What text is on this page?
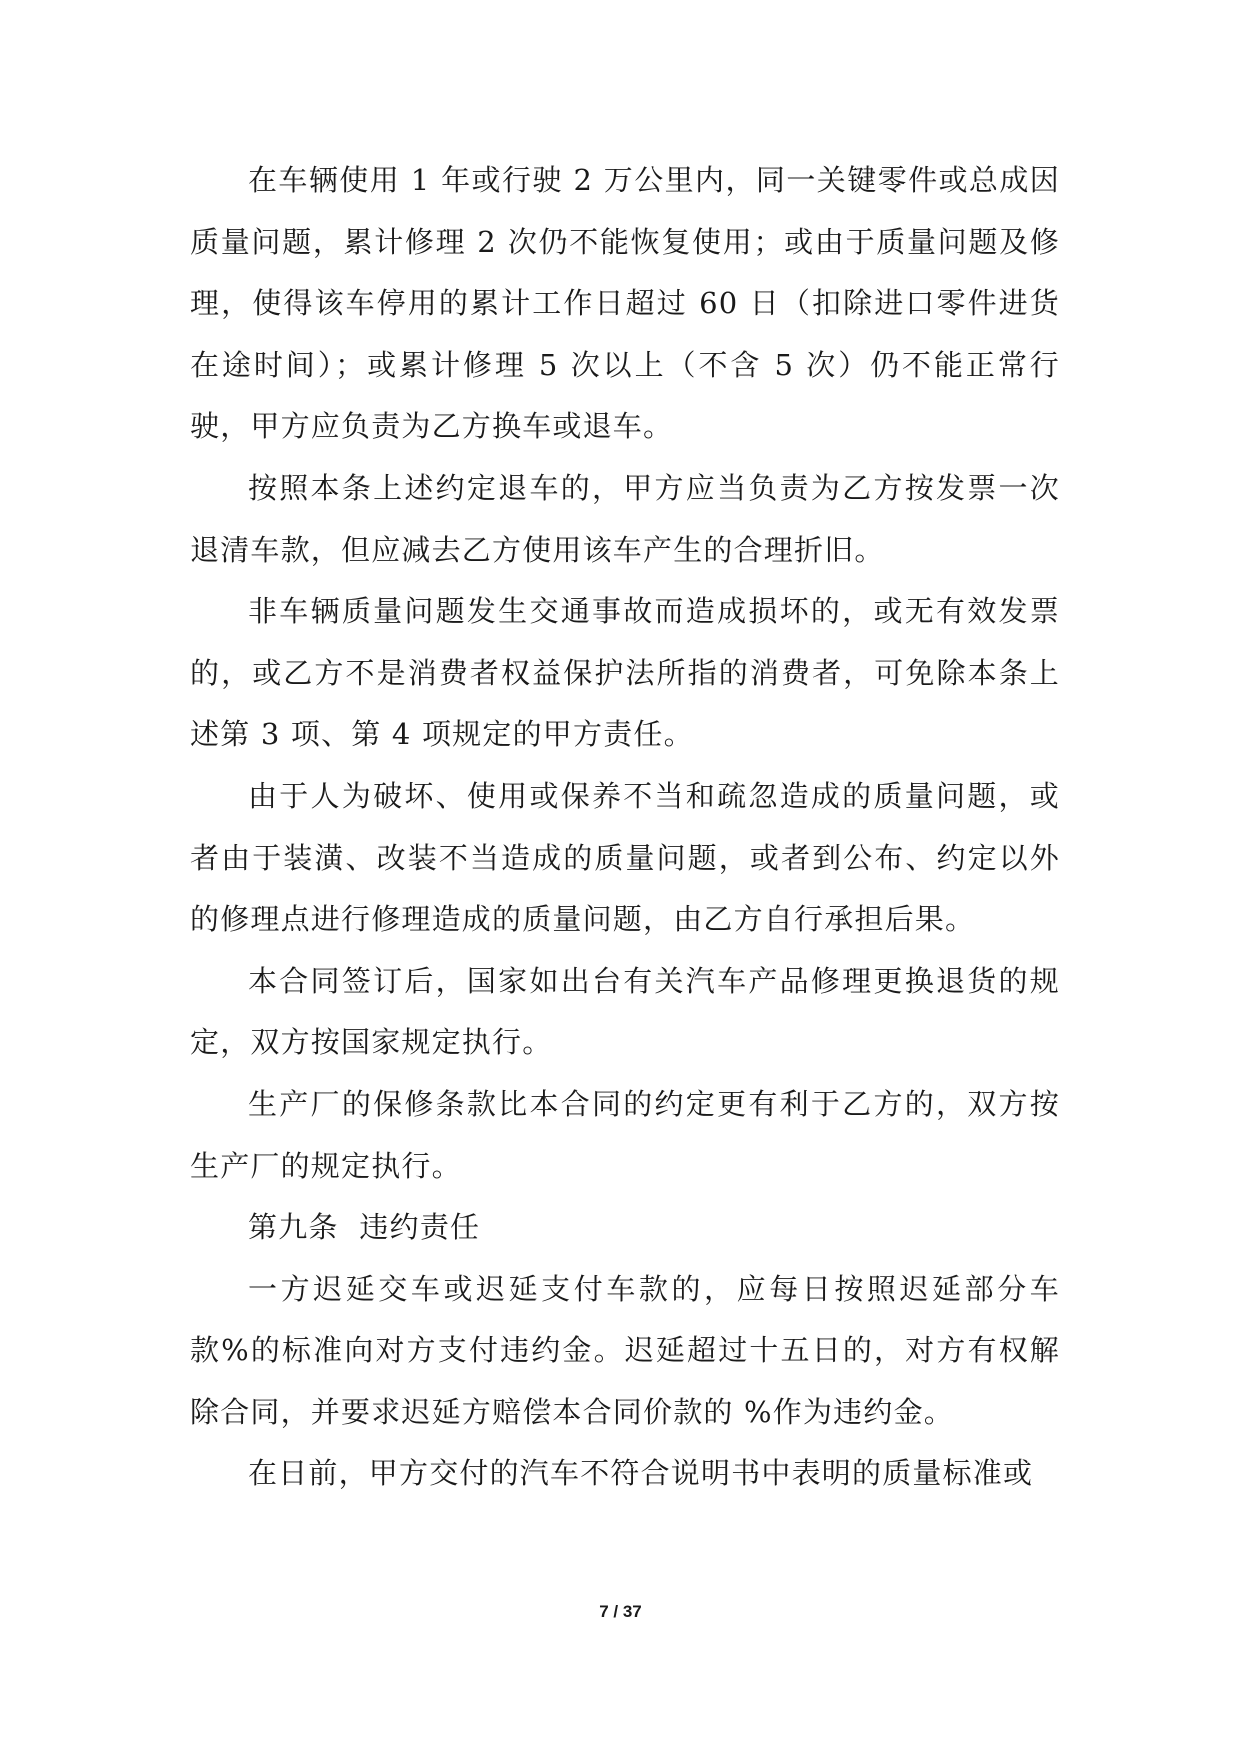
在车辆使用 1 年或行驶 2 万公里内，同一关键零件或总成因质量问题，累计修理 2 次仍不能恢复使用；或由于质量问题及修理，使得该车停用的累计工作日超过 60 日（扣除进口零件进货在途时间）；或累计修理 5 次以上（不含 5 次）仍不能正常行驶，甲方应负责为乙方换车或退车。

按照本条上述约定退车的，甲方应当负责为乙方按发票一次退清车款，但应减去乙方使用该车产生的合理折旧。

非车辆质量问题发生交通事故而造成损坏的，或无有效发票的，或乙方不是消费者权益保护法所指的消费者，可免除本条上述第 3 项、第 4 项规定的甲方责任。

由于人为破坏、使用或保养不当和疏忽造成的质量问题，或者由于装潢、改装不当造成的质量问题，或者到公布、约定以外的修理点进行修理造成的质量问题，由乙方自行承担后果。

本合同签订后，国家如出台有关汽车产品修理更换退货的规定，双方按国家规定执行。

生产厂的保修条款比本合同的约定更有利于乙方的，双方按生产厂的规定执行。

第九条  违约责任

一方迟延交车或迟延支付车款的，应每日按照迟延部分车款%的标准向对方支付违约金。迟延超过十五日的，对方有权解除合同，并要求迟延方赔偿本合同价款的 %作为违约金。

在日前，甲方交付的汽车不符合说明书中表明的质量标准或

7 / 37
